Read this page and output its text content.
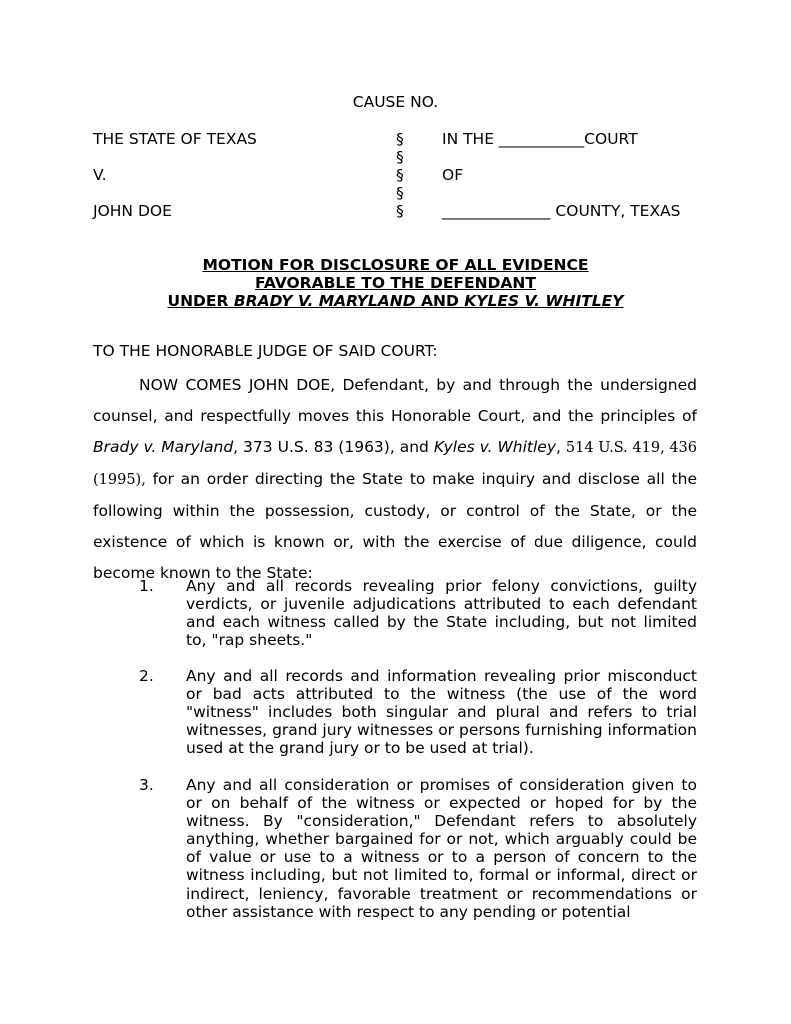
CAUSE NO.
THE STATE OF TEXAS	§ IN THE ___________COURT
§
V.	§ OF
§
JOHN DOE	§ ______________ COUNTY, TEXAS
MOTION FOR DISCLOSURE OF ALL EVIDENCE
FAVORABLE TO THE DEFENDANT
UNDER BRADY V. MARYLAND AND KYLES V. WHITLEY
TO THE HONORABLE JUDGE OF SAID COURT:
NOW COMES JOHN DOE, Defendant, by and through the undersigned counsel, and respectfully moves this Honorable Court, and the principles of Brady v. Maryland, 373 U.S. 83 (1963), and Kyles v. Whitley, 514 U.S. 419, 436 (1995), for an order directing the State to make inquiry and disclose all the following within the possession, custody, or control of the State, or the existence of which is known or, with the exercise of due diligence, could become known to the State:
1. Any and all records revealing prior felony convictions, guilty verdicts, or juvenile adjudications attributed to each defendant and each witness called by the State including, but not limited to, "rap sheets."
2. Any and all records and information revealing prior misconduct or bad acts attributed to the witness (the use of the word "witness" includes both singular and plural and refers to trial witnesses, grand jury witnesses or persons furnishing information used at the grand jury or to be used at trial).
3. Any and all consideration or promises of consideration given to or on behalf of the witness or expected or hoped for by the witness. By "consideration," Defendant refers to absolutely anything, whether bargained for or not, which arguably could be of value or use to a witness or to a person of concern to the witness including, but not limited to, formal or informal, direct or indirect, leniency, favorable treatment or recommendations or other assistance with respect to any pending or potential
